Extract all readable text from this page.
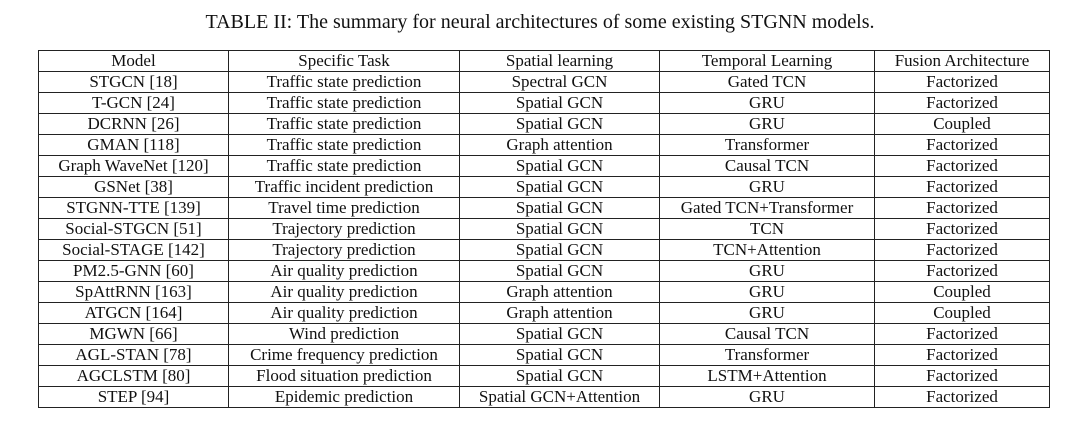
TABLE II: The summary for neural architectures of some existing STGNN models.
Model	Specific Task	Spatial learning	Temporal Learning	Fusion Architecture
STGCN [18]	Traffic state prediction	Spectral GCN	Gated TCN	Factorized
T-GCN [24]	Traffic state prediction	Spatial GCN	GRU	Factorized
DCRNN [26]	Traffic state prediction	Spatial GCN	GRU	Coupled
GMAN [118]	Traffic state prediction	Graph attention	Transformer	Factorized
Graph WaveNet [120]	Traffic state prediction	Spatial GCN	Causal TCN	Factorized
GSNet [38]	Traffic incident prediction	Spatial GCN	GRU	Factorized
STGNN-TTE [139]	Travel time prediction	Spatial GCN	Gated TCN+Transformer	Factorized
Social-STGCN [51]	Trajectory prediction	Spatial GCN	TCN	Factorized
Social-STAGE [142]	Trajectory prediction	Spatial GCN	TCN+Attention	Factorized
PM2.5-GNN [60]	Air quality prediction	Spatial GCN	GRU	Factorized
SpAttRNN [163]	Air quality prediction	Graph attention	GRU	Coupled
ATGCN [164]	Air quality prediction	Graph attention	GRU	Coupled
MGWN [66]	Wind prediction	Spatial GCN	Causal TCN	Factorized
AGL-STAN [78]	Crime frequency prediction	Spatial GCN	Transformer	Factorized
AGCLSTM [80]	Flood situation prediction	Spatial GCN	LSTM+Attention	Factorized
STEP [94]	Epidemic prediction	Spatial GCN+Attention	GRU	Factorized
